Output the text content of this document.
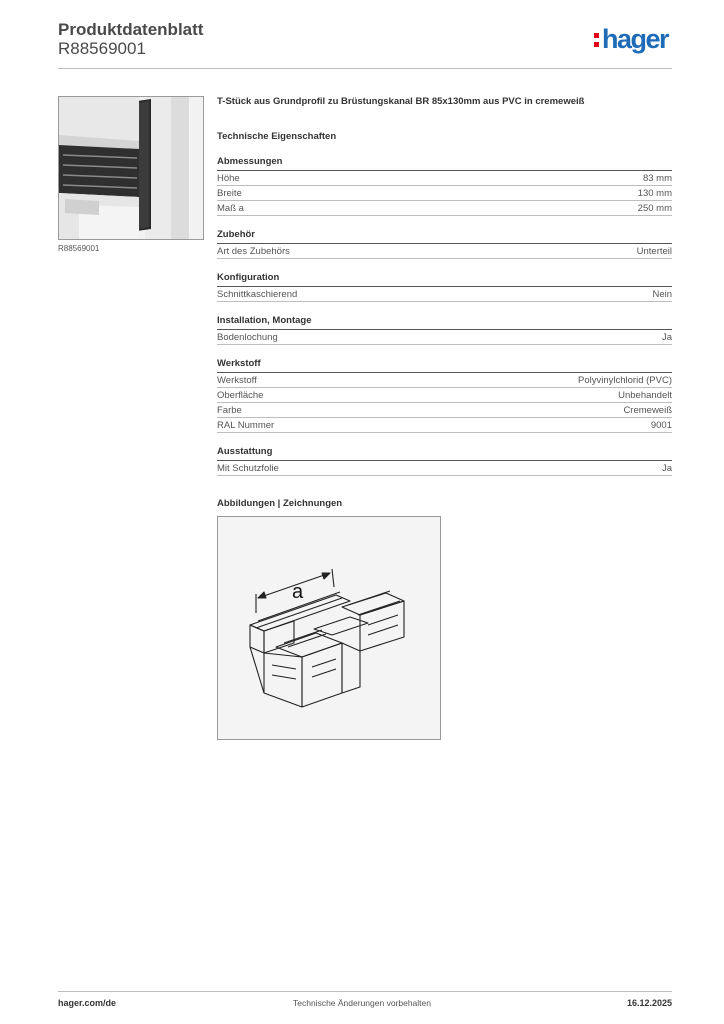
Produktdatenblatt
R88569001	hager
R88569001

T-Stück aus Grundprofil zu Brüstungskanal BR 85x130mm aus PVC in cremeweiß

Technische Eigenschaften
Abmessungen
Höhe	83 mm
Breite	130 mm
Maß a	250 mm
Zubehör
Art des Zubehörs	Unterteil
Konfiguration
Schnittkaschierend	Nein
Installation, Montage
Bodenlochung	Ja
Werkstoff
Werkstoff	Polyvinylchlorid (PVC)
Oberfläche	Unbehandelt
Farbe	Cremeweiß
RAL Nummer	9001
Ausstattung
Mit Schutzfolie	Ja
Abbildungen | Zeichnungen
a
hager.com/de	Technische Änderungen vorbehalten	16.12.2025
